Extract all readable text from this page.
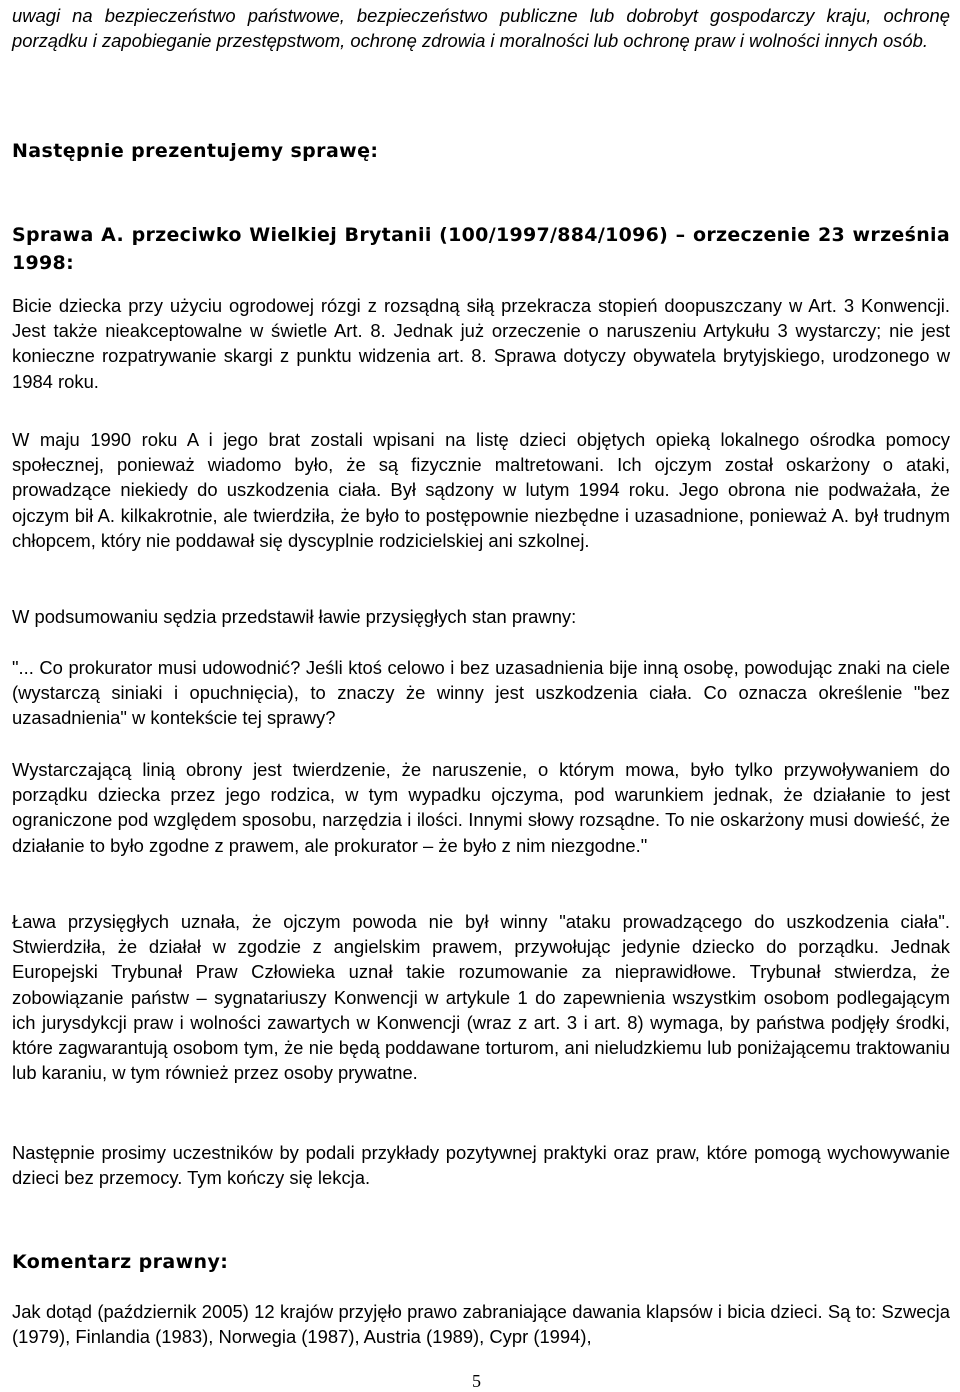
uwagi na bezpieczeństwo państwowe, bezpieczeństwo publiczne lub dobrobyt gospodarczy kraju, ochronę porządku i zapobieganie przestępstwom, ochronę zdrowia i moralności lub ochronę praw i wolności innych osób.

Następnie prezentujemy sprawę:
Sprawa A. przeciwko Wielkiej Brytanii (100/1997/884/1096) – orzeczenie 23 września 1998:

Bicie dziecka przy użyciu ogrodowej rózgi z rozsądną siłą przekracza stopień doopuszczany w Art. 3 Konwencji. Jest także nieakceptowalne w świetle Art. 8. Jednak już orzeczenie o naruszeniu Artykułu 3 wystarczy; nie jest konieczne rozpatrywanie skargi z punktu widzenia art. 8. Sprawa dotyczy obywatela brytyjskiego, urodzonego w 1984 roku.

W maju 1990 roku A i jego brat zostali wpisani na listę dzieci objętych opieką lokalnego ośrodka pomocy społecznej, ponieważ wiadomo było, że są fizycznie maltretowani. Ich ojczym został oskarżony o ataki, prowadzące niekiedy do uszkodzenia ciała. Był sądzony w lutym 1994 roku. Jego obrona nie podważała, że ojczym bił A. kilkakrotnie, ale twierdziła, że było to postępownie niezbędne i uzasadnione, ponieważ A. był trudnym chłopcem, który nie poddawał się dyscyplnie rodzicielskiej ani szkolnej.

W podsumowaniu sędzia przedstawił ławie przysięgłych stan prawny:

"... Co prokurator musi udowodnić? Jeśli ktoś celowo i bez uzasadnienia bije inną osobę, powodując znaki na ciele (wystarczą siniaki i opuchnięcia), to znaczy że winny jest uszkodzenia ciała. Co oznacza określenie "bez uzasadnienia" w kontekście tej sprawy?

Wystarczającą linią obrony jest twierdzenie, że naruszenie, o którym mowa, było tylko przywoływaniem do porządku dziecka przez jego rodzica, w tym wypadku ojczyma, pod warunkiem jednak, że działanie to jest ograniczone pod względem sposobu, narzędzia i ilości. Innymi słowy rozsądne. To nie oskarżony musi dowieść, że działanie to było zgodne z prawem, ale prokurator – że było z nim niezgodne."

Ława przysięgłych uznała, że ojczym powoda nie był winny "ataku prowadzącego do uszkodzenia ciała". Stwierdziła, że działał w zgodzie z angielskim prawem, przywołując jedynie dziecko do porządku. Jednak Europejski Trybunał Praw Człowieka uznał takie rozumowanie za nieprawidłowe. Trybunał stwierdza, że zobowiązanie państw – sygnatariuszy Konwencji w artykule 1 do zapewnienia wszystkim osobom podlegającym ich jurysdykcji praw i wolności zawartych w Konwencji (wraz z art. 3 i art. 8) wymaga, by państwa podjęły środki, które zagwarantują osobom tym, że nie będą poddawane torturom, ani nieludzkiemu lub poniżającemu traktowaniu lub karaniu, w tym również przez osoby prywatne.

Następnie prosimy uczestników by podali przykłady pozytywnej praktyki oraz praw, które pomogą wychowywanie dzieci bez przemocy. Tym kończy się lekcja.

Komentarz prawny:

Jak dotąd (październik 2005) 12 krajów przyjęło prawo zabraniające dawania klapsów i bicia dzieci. Są to: Szwecja (1979), Finlandia (1983), Norwegia (1987), Austria (1989), Cypr (1994),

5
